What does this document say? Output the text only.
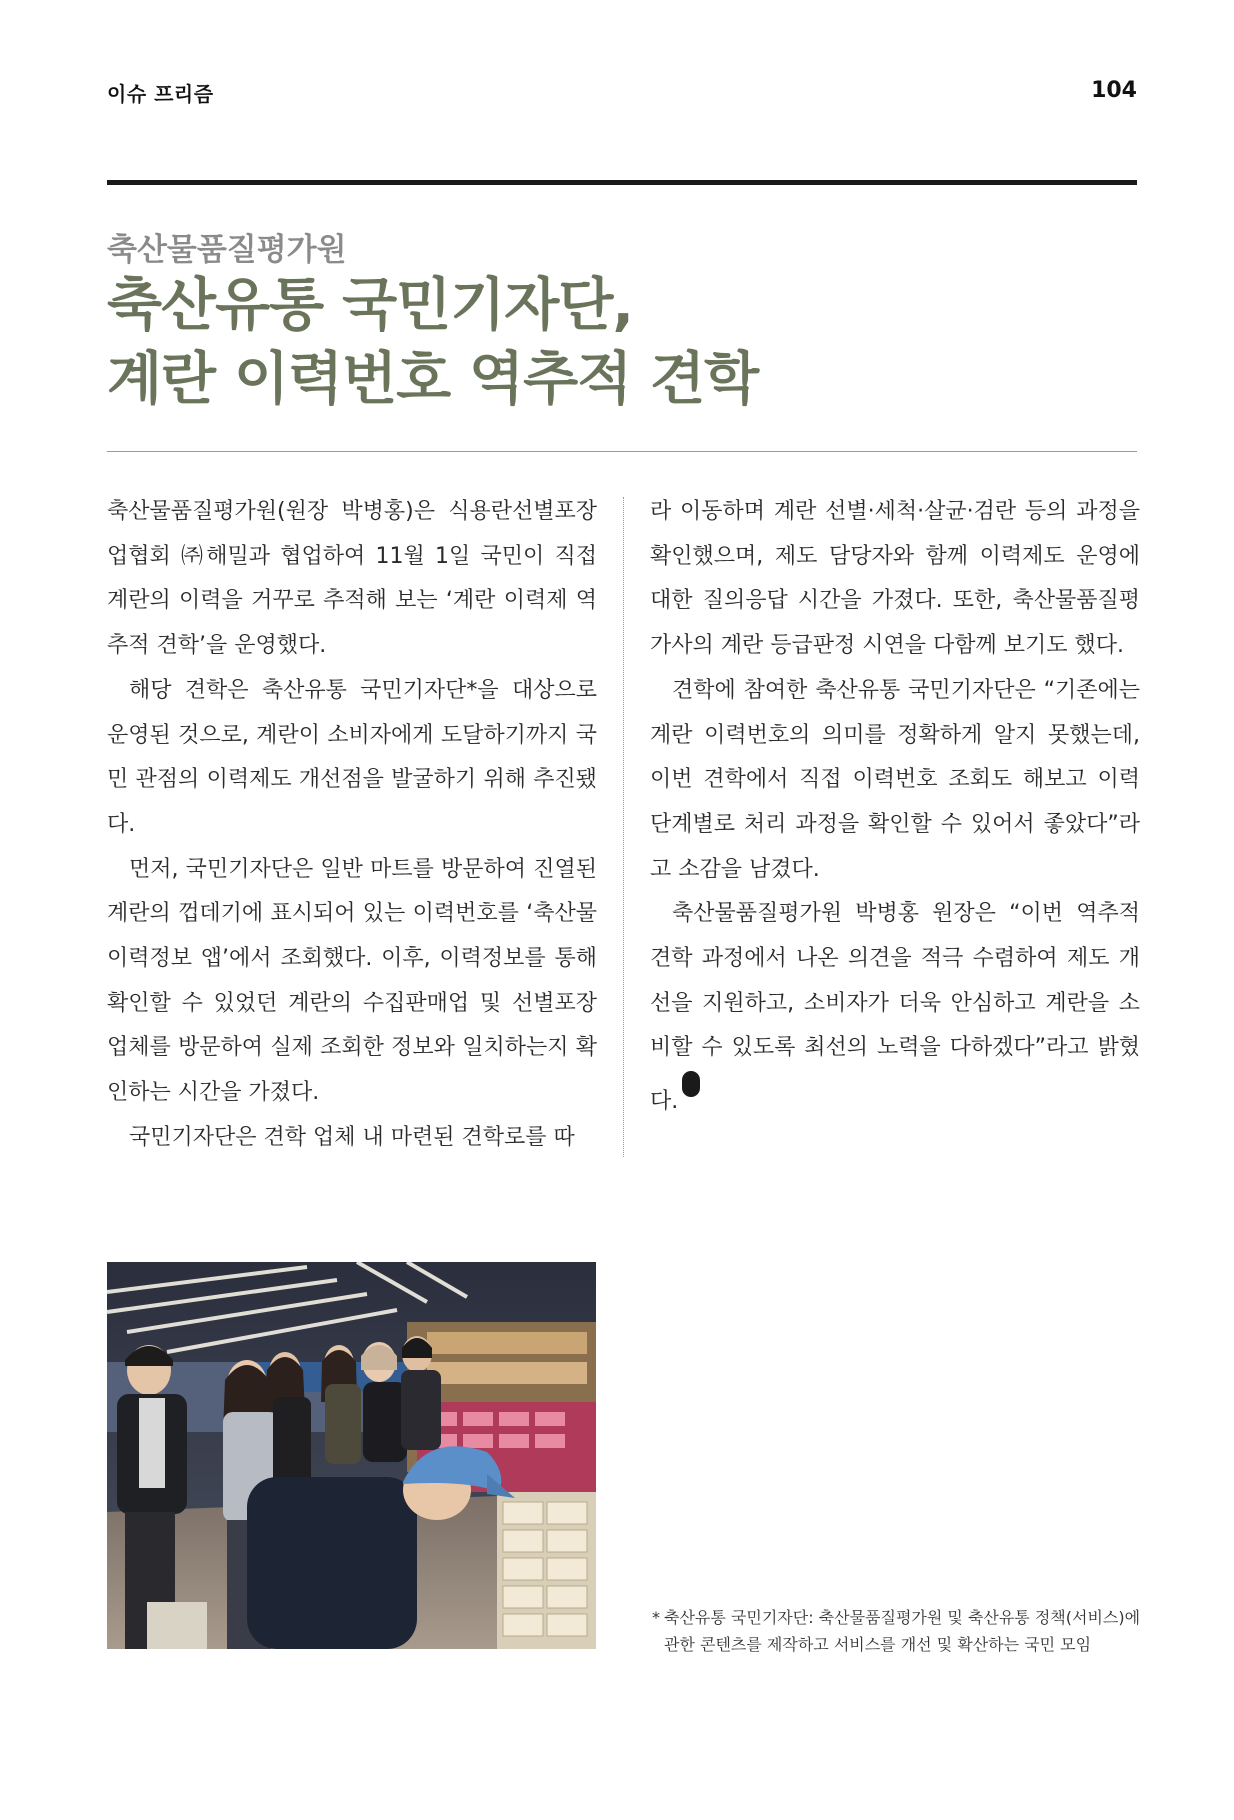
이슈 프리즘	104
축산물품질평가원
축산유통 국민기자단,
계란 이력번호 역추적 견학

축산물품질평가원(원장 박병홍)은 식용란선별포장업협회 ㈜해밀과 협업하여 11월 1일 국민이 직접 계란의 이력을 거꾸로 추적해 보는 ‘계란 이력제 역추적 견학’을 운영했다.

해당 견학은 축산유통 국민기자단*을 대상으로 운영된 것으로, 계란이 소비자에게 도달하기까지 국민 관점의 이력제도 개선점을 발굴하기 위해 추진됐다.

먼저, 국민기자단은 일반 마트를 방문하여 진열된 계란의 껍데기에 표시되어 있는 이력번호를 ‘축산물 이력정보 앱’에서 조회했다. 이후, 이력정보를 통해 확인할 수 있었던 계란의 수집판매업 및 선별포장 업체를 방문하여 실제 조회한 정보와 일치하는지 확인하는 시간을 가졌다.

국민기자단은 견학 업체 내 마련된 견학로를 따

라 이동하며 계란 선별·세척·살균·검란 등의 과정을 확인했으며, 제도 담당자와 함께 이력제도 운영에 대한 질의응답 시간을 가졌다. 또한, 축산물품질평가사의 계란 등급판정 시연을 다함께 보기도 했다.

견학에 참여한 축산유통 국민기자단은 “기존에는 계란 이력번호의 의미를 정확하게 알지 못했는데, 이번 견학에서 직접 이력번호 조회도 해보고 이력 단계별로 처리 과정을 확인할 수 있어서 좋았다”라고 소감을 남겼다.

축산물품질평가원 박병홍 원장은 “이번 역추적 견학 과정에서 나온 의견을 적극 수렴하여 제도 개선을 지원하고, 소비자가 더욱 안심하고 계란을 소비할 수 있도록 최선의 노력을 다하겠다”라고 밝혔다.축산

* 축산유통 국민기자단: 축산물품질평가원 및 축산유통 정책(서비스)에 관한 콘텐츠를 제작하고 서비스를 개선 및 확산하는 국민 모임
